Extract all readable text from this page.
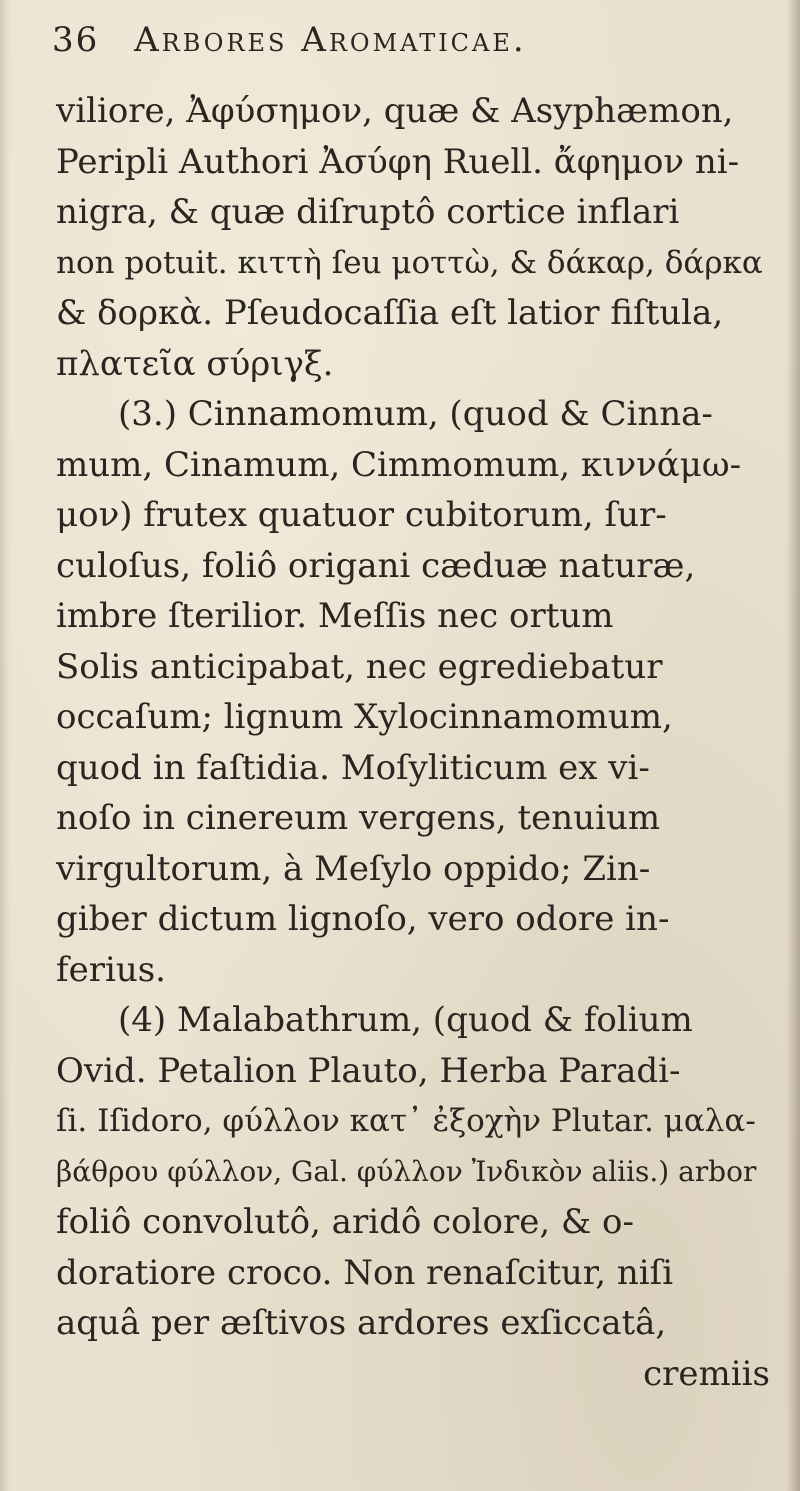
36 Arbores Aromaticae.
viliore, Ἀφύσημον, quæ & Asyphæmon,
Peripli Authori Ἀσύφη Ruell. ἄφημον ni-
nigra, & quæ diſruptô cortice inflari
non potuit. κιττὴ ſeu μοττὼ, & δάκαρ, δάρκα
& δορκὰ. Pſeudocaſſia eſt latior fiſtula,
πλατεῖα σύριγξ.
(3.) Cinnamomum, (quod & Cinna-
mum, Cinamum, Cimmomum, κιννάμω-
μον) frutex quatuor cubitorum, ſur-
culoſus, foliô origani cæduæ naturæ,
imbre ſterilior. Meſſis nec ortum
Solis anticipabat, nec egrediebatur
occaſum; lignum Xylocinnamomum,
quod in faſtidia. Moſyliticum ex vi-
noſo in cinereum vergens, tenuium
virgultorum, à Meſylo oppido; Zin-
giber dictum lignoſo, vero odore in-
ferius.
(4) Malabathrum, (quod & folium
Ovid. Petalion Plauto, Herba Paradi-
ſi. Iſidoro, φύλλον κατ᾽ ἐξοχὴν Plutar. μαλα-
βάθρου φύλλον, Gal. φύλλον Ἰνδικὸν aliis.) arbor
foliô convolutô, aridô colore, & o-
doratiore croco. Non renaſcitur, niſi
aquâ per æſtivos ardores exſiccatâ,
cremiis
